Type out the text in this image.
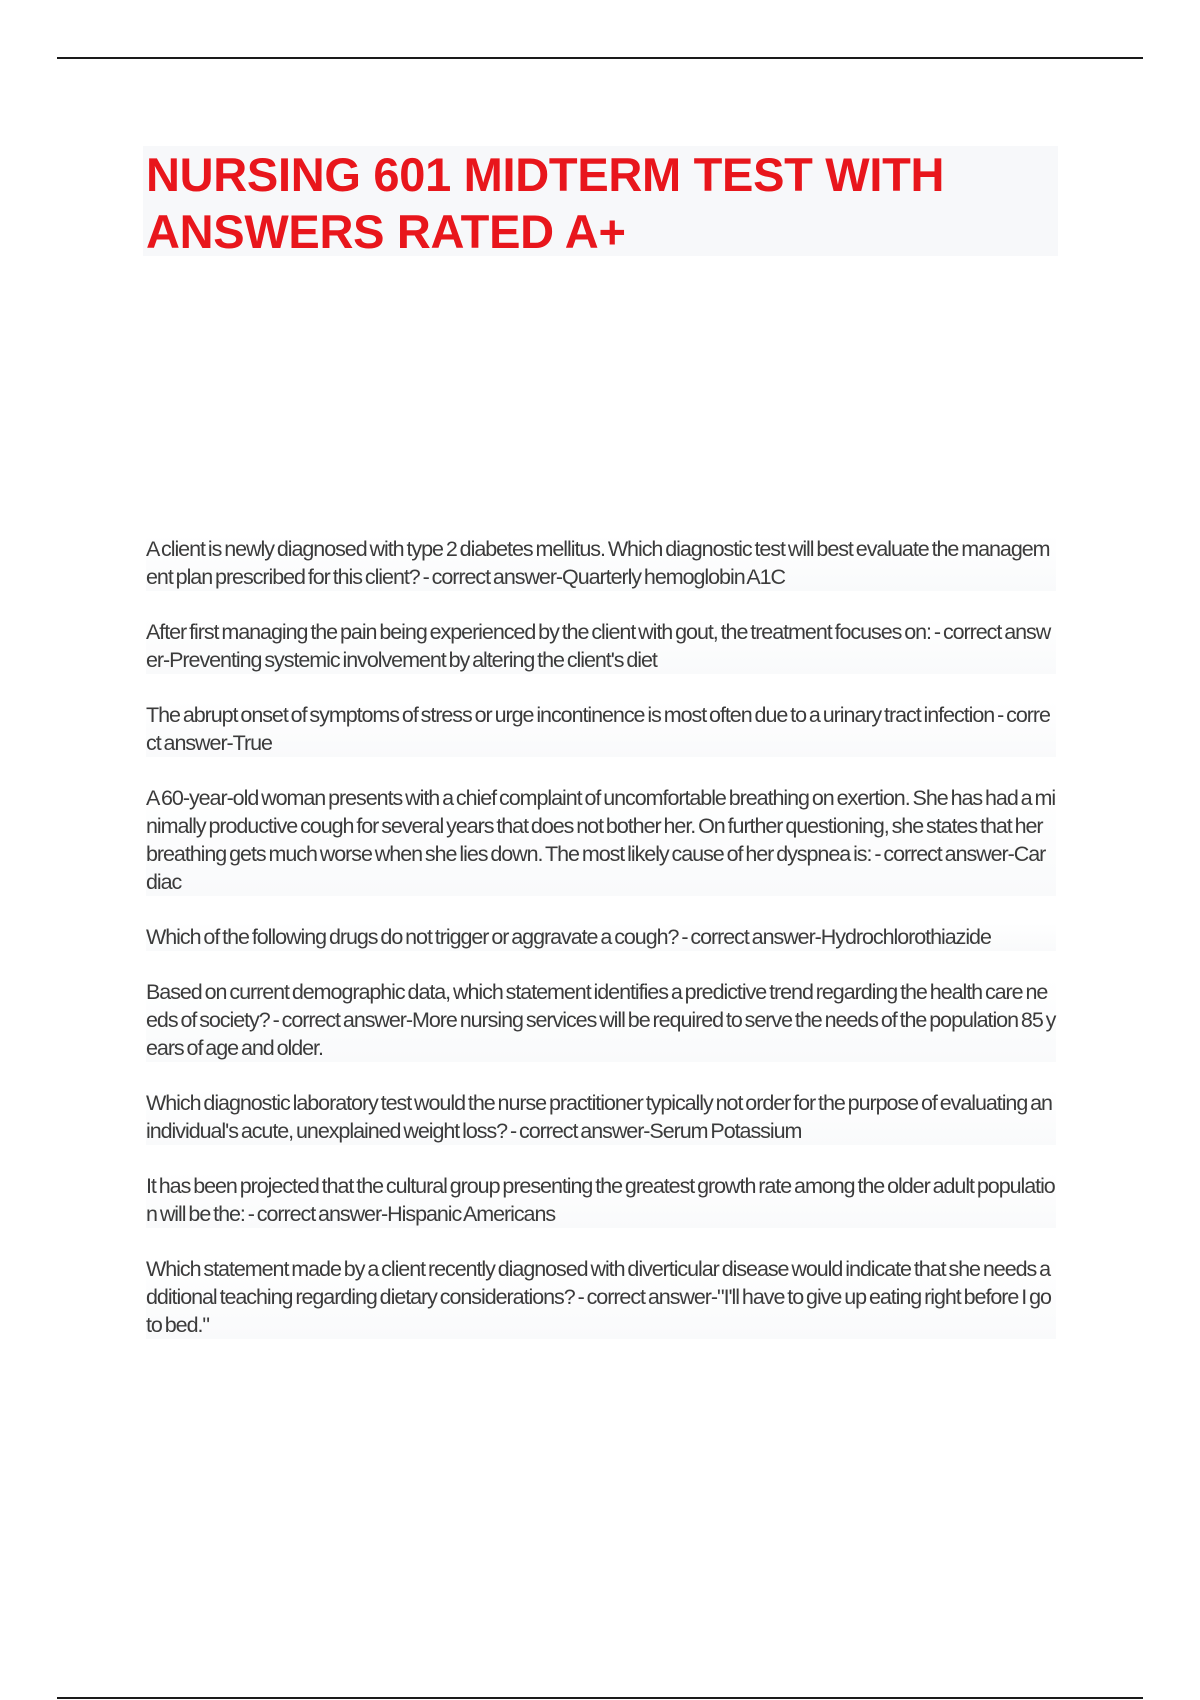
NURSING 601 MIDTERM TEST WITH ANSWERS RATED A+

A client is newly diagnosed with type 2 diabetes mellitus. Which diagnostic test will best evaluate the management plan prescribed for this client? - correct answer-Quarterly hemoglobin A1C

After first managing the pain being experienced by the client with gout, the treatment focuses on: - correct answer-Preventing systemic involvement by altering the client's diet

The abrupt onset of symptoms of stress or urge incontinence is most often due to a urinary tract infection - correct answer-True

A 60-year-old woman presents with a chief complaint of uncomfortable breathing on exertion. She has had a minimally productive cough for several years that does not bother her. On further questioning, she states that her breathing gets much worse when she lies down. The most likely cause of her dyspnea is: - correct answer-Cardiac

Which of the following drugs do not trigger or aggravate a cough? - correct answer-Hydrochlorothiazide

Based on current demographic data, which statement identifies a predictive trend regarding the health care needs of society? - correct answer-More nursing services will be required to serve the needs of the population 85 years of age and older.

Which diagnostic laboratory test would the nurse practitioner typically not order for the purpose of evaluating an individual's acute, unexplained weight loss? - correct answer-Serum Potassium

It has been projected that the cultural group presenting the greatest growth rate among the older adult population will be the: - correct answer-Hispanic Americans

Which statement made by a client recently diagnosed with diverticular disease would indicate that she needs additional teaching regarding dietary considerations? - correct answer-"I'll have to give up eating right before I go to bed."
